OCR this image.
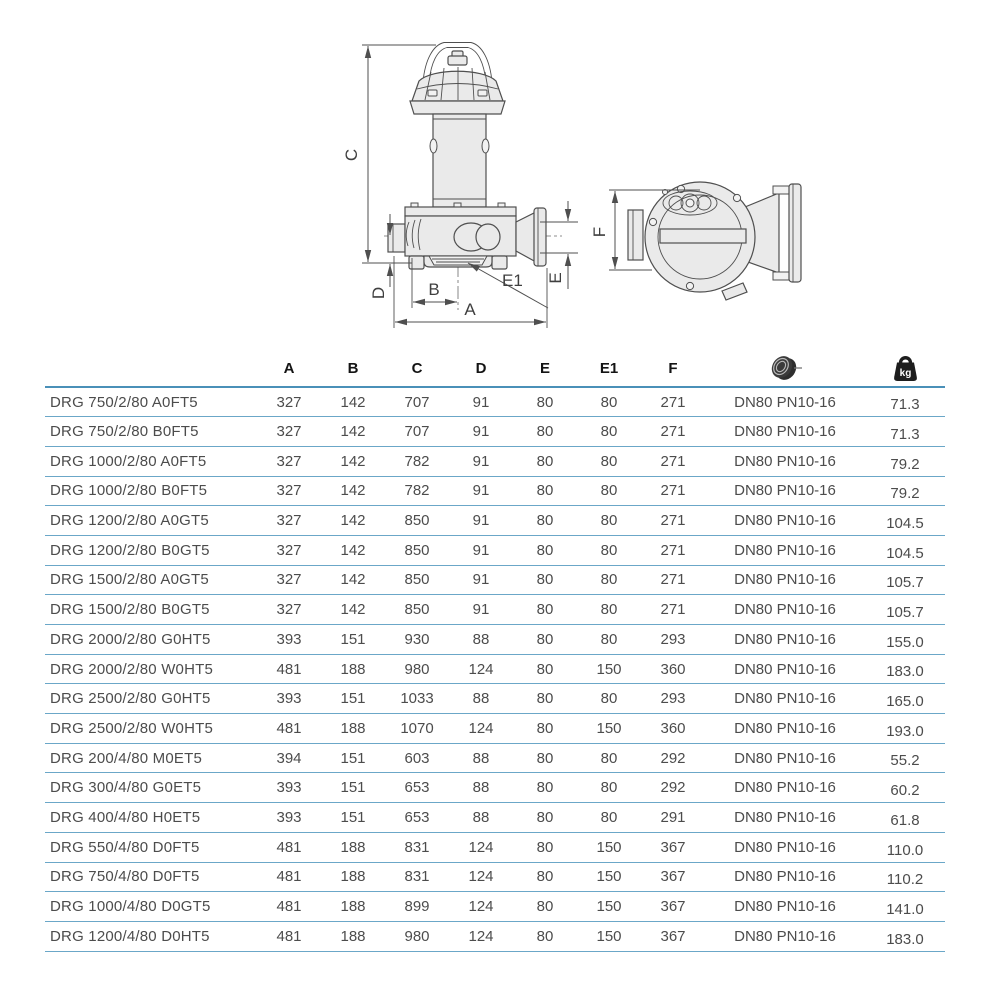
C
D B
A
E
E1
F
	A	B	C	D	E	E1	F		kg

DRG 750/2/80 A0FT5	327	142	707	91	80	80	271	DN80 PN10-16	71.3
DRG 750/2/80 B0FT5	327	142	707	91	80	80	271	DN80 PN10-16	71.3
DRG 1000/2/80 A0FT5	327	142	782	91	80	80	271	DN80 PN10-16	79.2
DRG 1000/2/80 B0FT5	327	142	782	91	80	80	271	DN80 PN10-16	79.2
DRG 1200/2/80 A0GT5	327	142	850	91	80	80	271	DN80 PN10-16	104.5
DRG 1200/2/80 B0GT5	327	142	850	91	80	80	271	DN80 PN10-16	104.5
DRG 1500/2/80 A0GT5	327	142	850	91	80	80	271	DN80 PN10-16	105.7
DRG 1500/2/80 B0GT5	327	142	850	91	80	80	271	DN80 PN10-16	105.7
DRG 2000/2/80 G0HT5	393	151	930	88	80	80	293	DN80 PN10-16	155.0
DRG 2000/2/80 W0HT5	481	188	980	124	80	150	360	DN80 PN10-16	183.0
DRG 2500/2/80 G0HT5	393	151	1033	88	80	80	293	DN80 PN10-16	165.0
DRG 2500/2/80 W0HT5	481	188	1070	124	80	150	360	DN80 PN10-16	193.0
DRG 200/4/80 M0ET5	394	151	603	88	80	80	292	DN80 PN10-16	55.2
DRG 300/4/80 G0ET5	393	151	653	88	80	80	292	DN80 PN10-16	60.2
DRG 400/4/80 H0ET5	393	151	653	88	80	80	291	DN80 PN10-16	61.8
DRG 550/4/80 D0FT5	481	188	831	124	80	150	367	DN80 PN10-16	110.0
DRG 750/4/80 D0FT5	481	188	831	124	80	150	367	DN80 PN10-16	110.2
DRG 1000/4/80 D0GT5	481	188	899	124	80	150	367	DN80 PN10-16	141.0
DRG 1200/4/80 D0HT5	481	188	980	124	80	150	367	DN80 PN10-16	183.0
